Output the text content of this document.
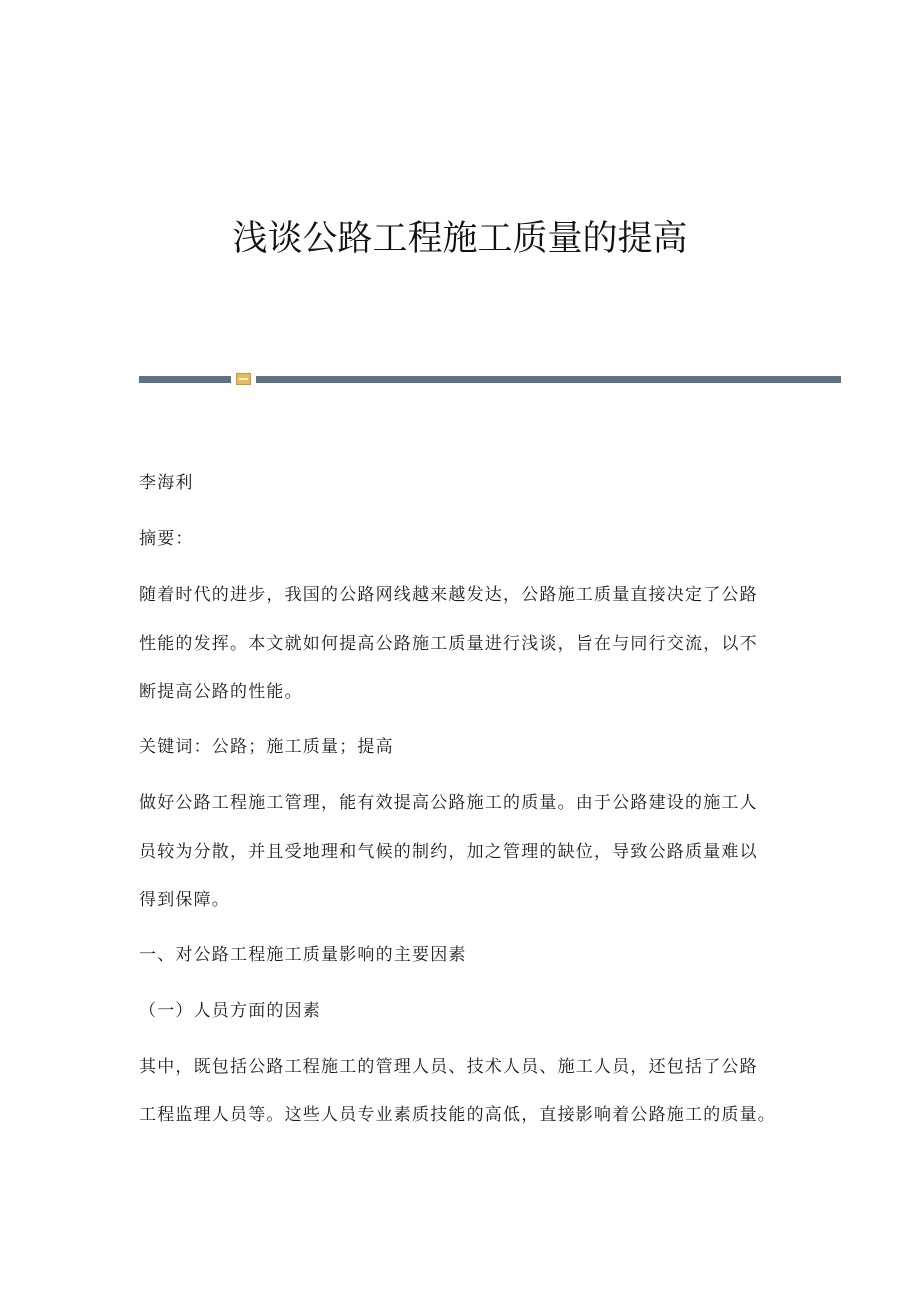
浅谈公路工程施工质量的提高

李海利

摘要：

随着时代的进步，我国的公路网线越来越发达，公路施工质量直接决定了公路

性能的发挥。本文就如何提高公路施工质量进行浅谈，旨在与同行交流，以不

断提高公路的性能。

关键词：公路；施工质量；提高

做好公路工程施工管理，能有效提高公路施工的质量。由于公路建设的施工人

员较为分散，并且受地理和气候的制约，加之管理的缺位，导致公路质量难以

得到保障。

一、对公路工程施工质量影响的主要因素

（一）人员方面的因素

其中，既包括公路工程施工的管理人员、技术人员、施工人员，还包括了公路

工程监理人员等。这些人员专业素质技能的高低，直接影响着公路施工的质量。
